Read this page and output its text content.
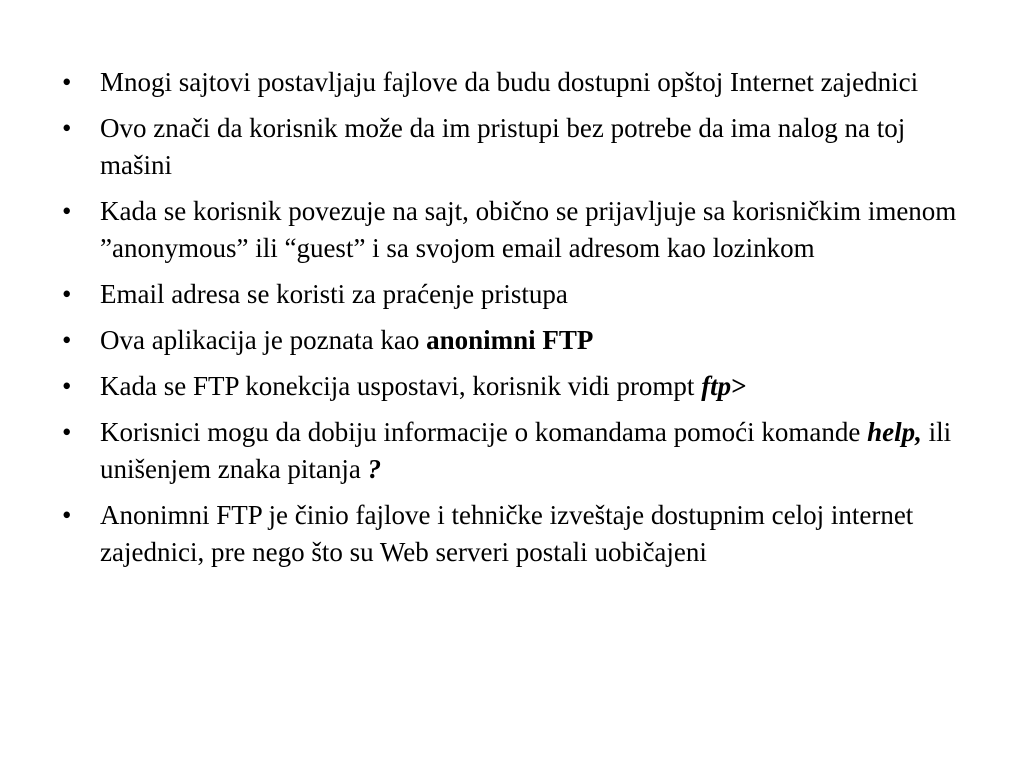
•	Mnogi sajtovi postavljaju fajlove da budu dostupni opštoj Internet zajednici
•	Ovo znači da korisnik može da im pristupi bez potrebe da ima nalog na toj mašini
•	Kada se korisnik povezuje na sajt, obično se prijavljuje sa korisničkim imenom ”anonymous” ili “guest” i sa svojom email adresom kao lozinkom
•	Email adresa se koristi za praćenje pristupa
•	Ova aplikacija je poznata kao anonimni FTP
•	Kada se FTP konekcija uspostavi, korisnik vidi prompt ftp>
•	Korisnici mogu da dobiju informacije o komandama pomoći komande help, ili unišenjem znaka pitanja ?
•	Anonimni FTP je činio fajlove i tehničke izveštaje dostupnim celoj internet zajednici, pre nego što su Web serveri postali uobičajeni
